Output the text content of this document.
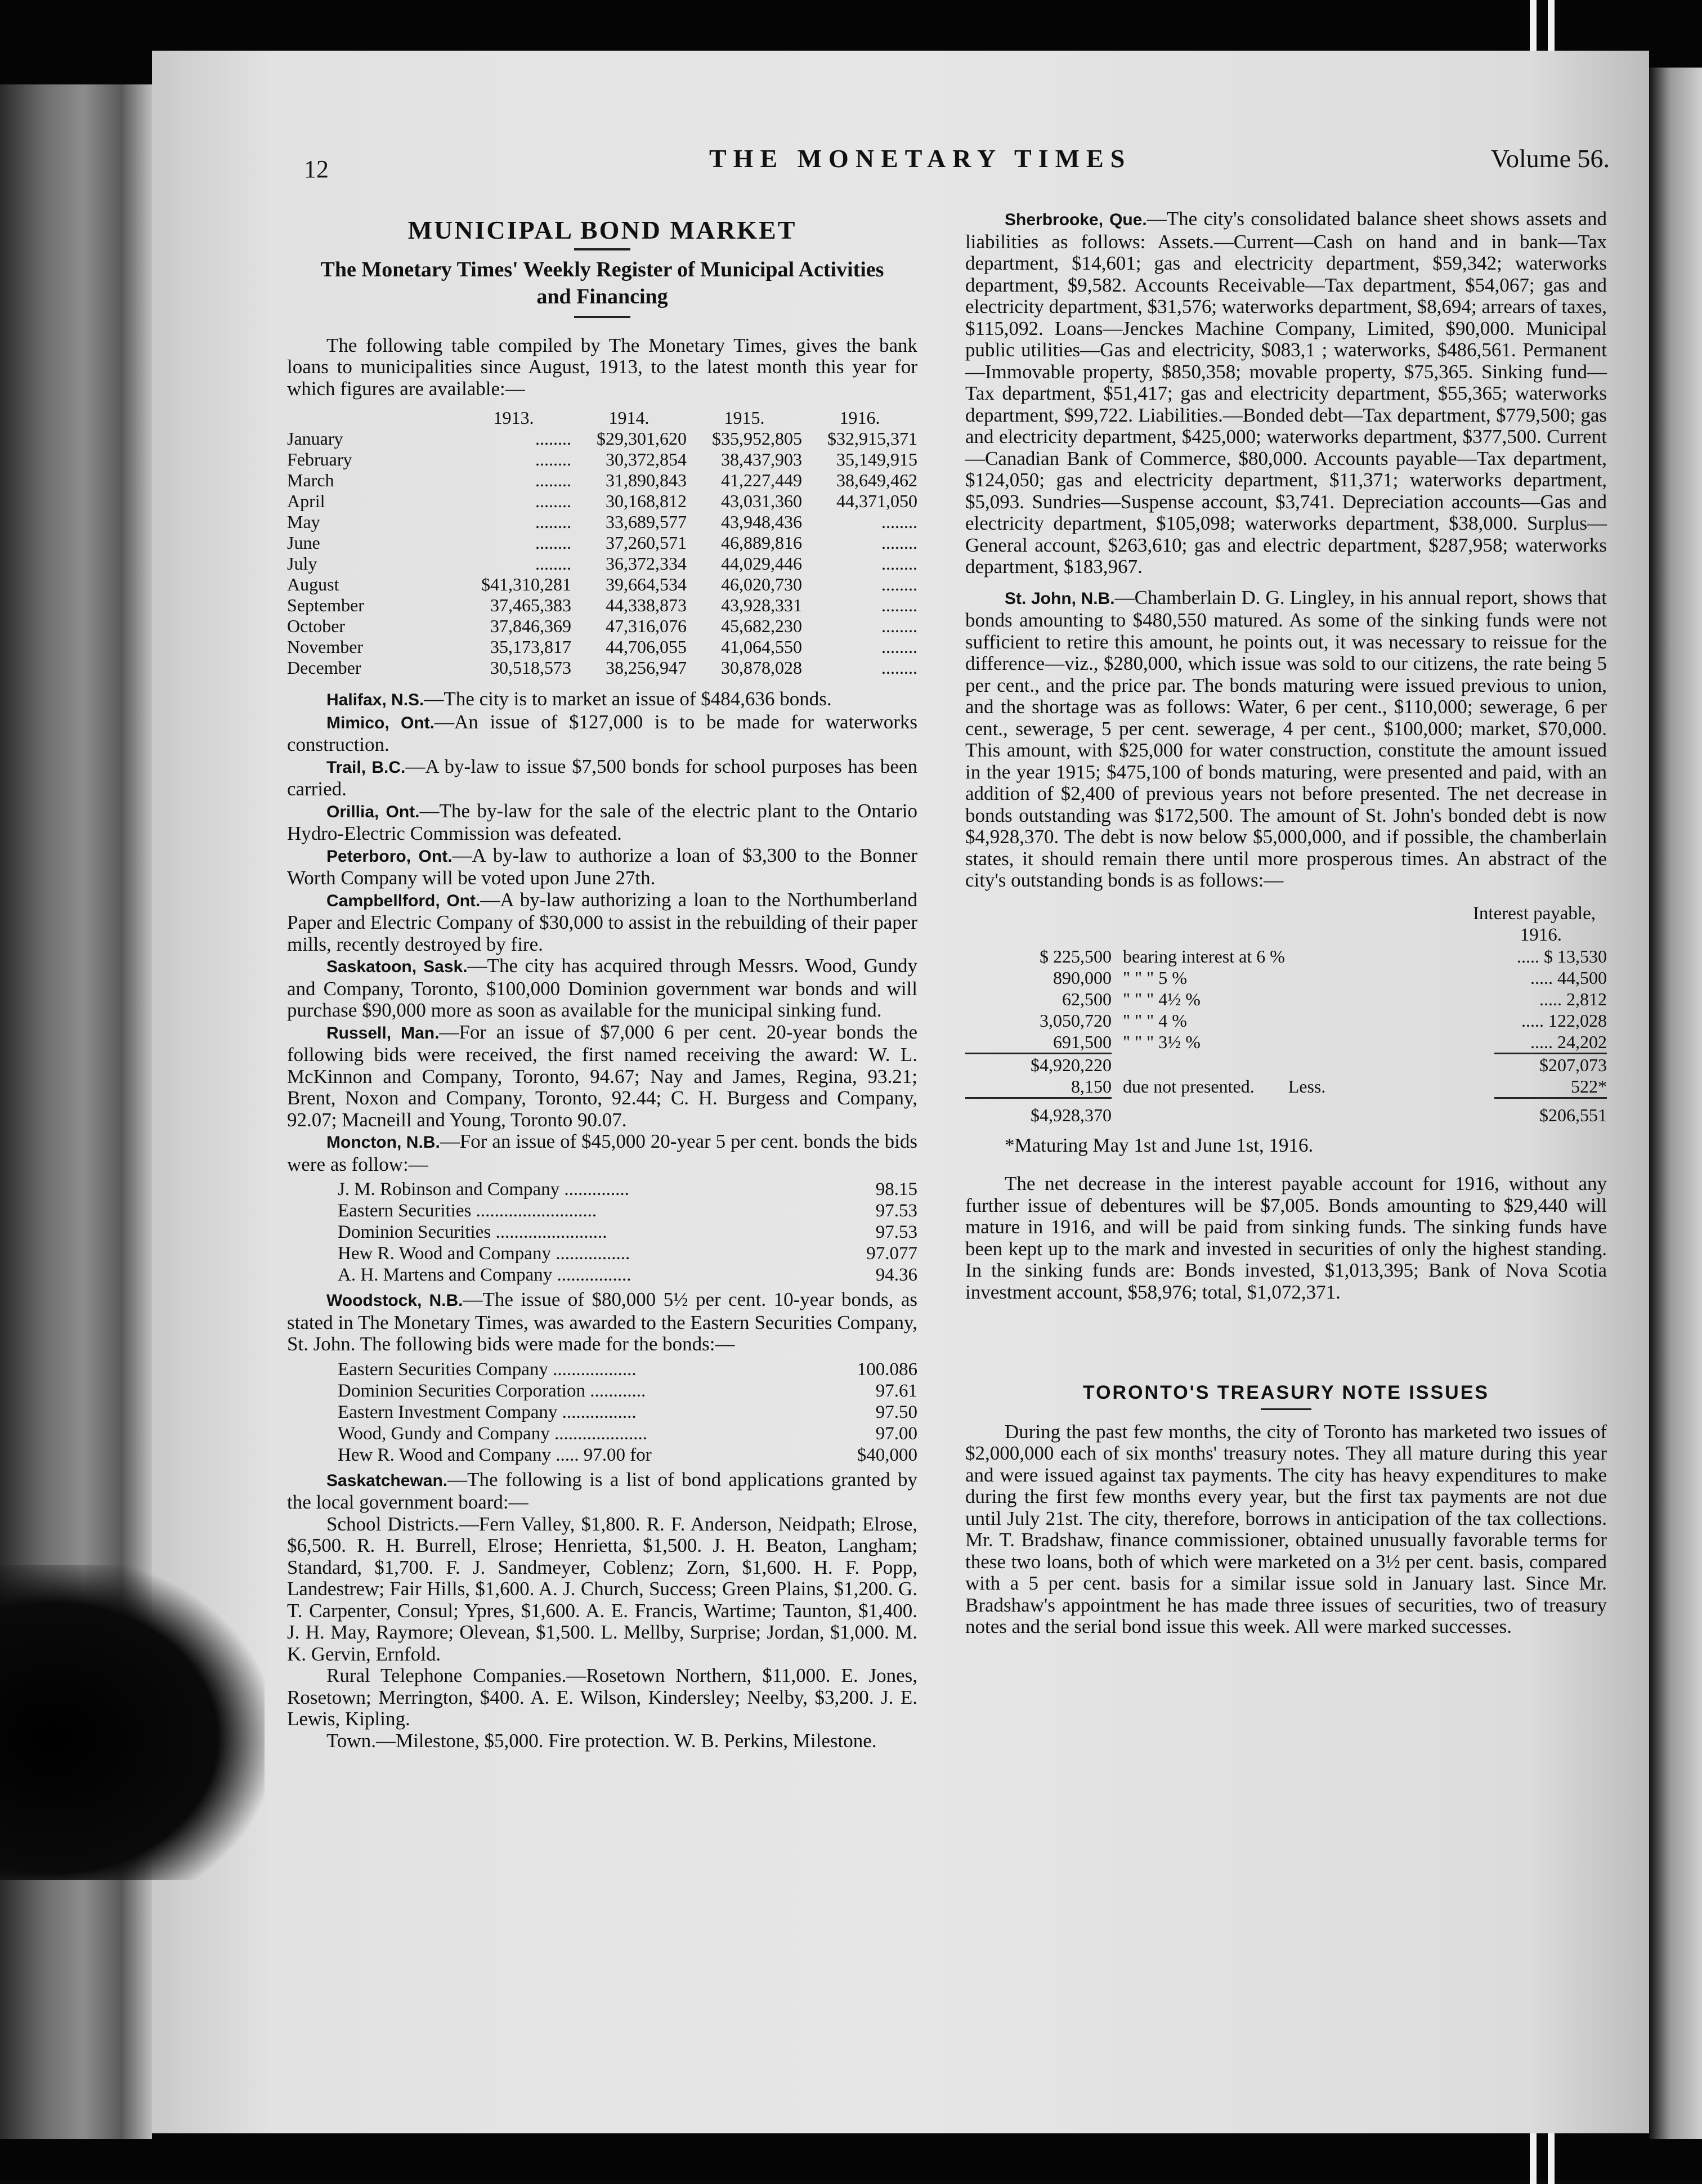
12	THE MONETARY TIMES	Volume 56.
MUNICIPAL BOND MARKET
The Monetary Times' Weekly Register of Municipal Activities and Financing

The following table compiled by The Monetary Times, gives the bank loans to municipalities since August, 1913, to the latest month this year for which figures are available:—

	1913.	1914.	1915.	1916.
January	........	$29,301,620	$35,952,805	$32,915,371
February	........	30,372,854	38,437,903	35,149,915
March	........	31,890,843	41,227,449	38,649,462
April	........	30,168,812	43,031,360	44,371,050
May	........	33,689,577	43,948,436	........
June	........	37,260,571	46,889,816	........
July	........	36,372,334	44,029,446	........
August	$41,310,281	39,664,534	46,020,730	........
September	37,465,383	44,338,873	43,928,331	........
October	37,846,369	47,316,076	45,682,230	........
November	35,173,817	44,706,055	41,064,550	........
December	30,518,573	38,256,947	30,878,028	........

Halifax, N.S.—The city is to market an issue of $484,636 bonds.

Mimico, Ont.—An issue of $127,000 is to be made for waterworks construction.

Trail, B.C.—A by-law to issue $7,500 bonds for school purposes has been carried.

Orillia, Ont.—The by-law for the sale of the electric plant to the Ontario Hydro-Electric Commission was defeated.

Peterboro, Ont.—A by-law to authorize a loan of $3,300 to the Bonner Worth Company will be voted upon June 27th.

Campbellford, Ont.—A by-law authorizing a loan to the Northumberland Paper and Electric Company of $30,000 to assist in the rebuilding of their paper mills, recently destroyed by fire.

Saskatoon, Sask.—The city has acquired through Messrs. Wood, Gundy and Company, Toronto, $100,000 Dominion government war bonds and will purchase $90,000 more as soon as available for the municipal sinking fund.

Russell, Man.—For an issue of $7,000 6 per cent. 20-year bonds the following bids were received, the first named receiving the award: W. L. McKinnon and Company, Toronto, 94.67; Nay and James, Regina, 93.21; Brent, Noxon and Company, Toronto, 92.44; C. H. Burgess and Company, 92.07; Macneill and Young, Toronto 90.07.

Moncton, N.B.—For an issue of $45,000 20-year 5 per cent. bonds the bids were as follow:—

J. M. Robinson and Company ..............	98.15
Eastern Securities ..........................	97.53
Dominion Securities ........................	97.53
Hew R. Wood and Company ................	97.077
A. H. Martens and Company ................	94.36

Woodstock, N.B.—The issue of $80,000 5½ per cent. 10-year bonds, as stated in The Monetary Times, was awarded to the Eastern Securities Company, St. John. The following bids were made for the bonds:—

Eastern Securities Company ..................	100.086
Dominion Securities Corporation ............	97.61
Eastern Investment Company ................	97.50
Wood, Gundy and Company ....................	97.00
Hew R. Wood and Company ..... 97.00 for	$40,000

Saskatchewan.—The following is a list of bond applications granted by the local government board:—

School Districts.—Fern Valley, $1,800. R. F. Anderson, Neidpath; Elrose, $6,500. R. H. Burrell, Elrose; Henrietta, $1,500. J. H. Beaton, Langham; Standard, $1,700. F. J. Sandmeyer, Coblenz; Zorn, $1,600. H. F. Popp, Landestrew; Fair Hills, $1,600. A. J. Church, Success; Green Plains, $1,200. G. T. Carpenter, Consul; Ypres, $1,600. A. E. Francis, Wartime; Taunton, $1,400. J. H. May, Raymore; Olevean, $1,500. L. Mellby, Surprise; Jordan, $1,000. M. K. Gervin, Ernfold.

Rural Telephone Companies.—Rosetown Northern, $11,000. E. Jones, Rosetown; Merrington, $400. A. E. Wilson, Kindersley; Neelby, $3,200. J. E. Lewis, Kipling.

Town.—Milestone, $5,000. Fire protection. W. B. Perkins, Milestone.

Sherbrooke, Que.—The city's consolidated balance sheet shows assets and liabilities as follows: Assets.—Current—Cash on hand and in bank—Tax department, $14,601; gas and electricity department, $59,342; waterworks department, $9,582. Accounts Receivable—Tax department, $54,067; gas and electricity department, $31,576; waterworks department, $8,694; arrears of taxes, $115,092. Loans—Jenckes Machine Company, Limited, $90,000. Municipal public utilities—Gas and electricity, $083,1 ; waterworks, $486,561. Permanent—Immovable property, $850,358; movable property, $75,365. Sinking fund—Tax department, $51,417; gas and electricity department, $55,365; waterworks department, $99,722. Liabilities.—Bonded debt—Tax department, $779,500; gas and electricity department, $425,000; waterworks department, $377,500. Current—Canadian Bank of Commerce, $80,000. Accounts payable—Tax department, $124,050; gas and electricity department, $11,371; waterworks department, $5,093. Sundries—Suspense account, $3,741. Depreciation accounts—Gas and electricity department, $105,098; waterworks department, $38,000. Surplus—General account, $263,610; gas and electric department, $287,958; waterworks department, $183,967.

St. John, N.B.—Chamberlain D. G. Lingley, in his annual report, shows that bonds amounting to $480,550 matured. As some of the sinking funds were not sufficient to retire this amount, he points out, it was necessary to reissue for the difference—viz., $280,000, which issue was sold to our citizens, the rate being 5 per cent., and the price par. The bonds maturing were issued previous to union, and the shortage was as follows: Water, 6 per cent., $110,000; sewerage, 6 per cent., sewerage, 5 per cent. sewerage, 4 per cent., $100,000; market, $70,000. This amount, with $25,000 for water construction, constitute the amount issued in the year 1915; $475,100 of bonds maturing, were presented and paid, with an addition of $2,400 of previous years not before presented. The net decrease in bonds outstanding was $172,500. The amount of St. John's bonded debt is now $4,928,370. The debt is now below $5,000,000, and if possible, the chamberlain states, it should remain there until more prosperous times. An abstract of the city's outstanding bonds is as follows:—

Interest payable,
1916.
$ 225,500	bearing interest at 6 %	..... $ 13,530
890,000	" " " 5 %	..... 44,500
62,500	" " " 4½ %	..... 2,812
3,050,720	" " " 4 %	..... 122,028
691,500	" " " 3½ %	..... 24,202
$4,920,220		$207,073
8,150	due not presented. Less.	522*
$4,928,370		$206,551
*Maturing May 1st and June 1st, 1916.

The net decrease in the interest payable account for 1916, without any further issue of debentures will be $7,005. Bonds amounting to $29,440 will mature in 1916, and will be paid from sinking funds. The sinking funds have been kept up to the mark and invested in securities of only the highest standing. In the sinking funds are: Bonds invested, $1,013,395; Bank of Nova Scotia investment account, $58,976; total, $1,072,371.

TORONTO'S TREASURY NOTE ISSUES

During the past few months, the city of Toronto has marketed two issues of $2,000,000 each of six months' treasury notes. They all mature during this year and were issued against tax payments. The city has heavy expenditures to make during the first few months every year, but the first tax payments are not due until July 21st. The city, therefore, borrows in anticipation of the tax collections. Mr. T. Bradshaw, finance commissioner, obtained unusually favorable terms for these two loans, both of which were marketed on a 3½ per cent. basis, compared with a 5 per cent. basis for a similar issue sold in January last. Since Mr. Bradshaw's appointment he has made three issues of securities, two of treasury notes and the serial bond issue this week. All were marked successes.
